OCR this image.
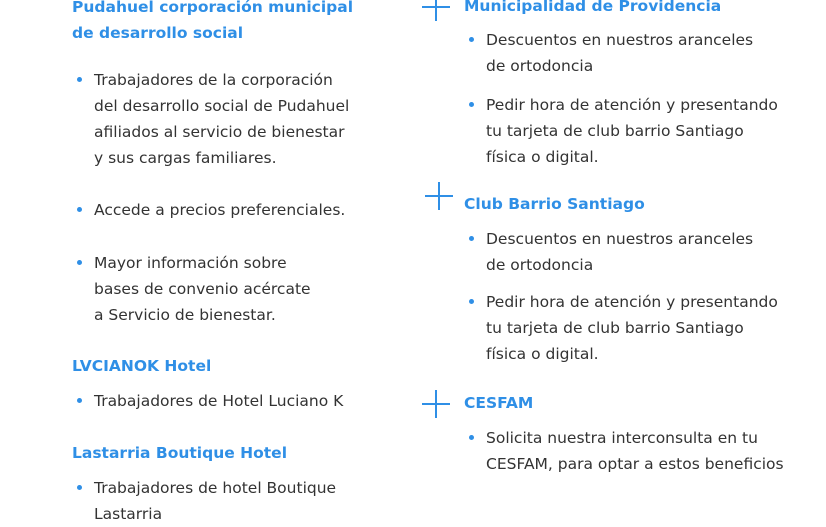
Pudahuel corporación municipal
de desarrollo social

Trabajadores de la corporación
del desarrollo social de Pudahuel
afiliados al servicio de bienestar
y sus cargas familiares.

Accede a precios preferenciales.

Mayor información sobre
bases de convenio acércate
a Servicio de bienestar.

LVCIANOK Hotel

Trabajadores de Hotel Luciano K

Lastarria Boutique Hotel

Trabajadores de hotel Boutique
Lastarria

Municipalidad de Providencia

Descuentos en nuestros aranceles
de ortodoncia

Pedir hora de atención y presentando
tu tarjeta de club barrio Santiago
física o digital.

Club Barrio Santiago

Descuentos en nuestros aranceles
de ortodoncia

Pedir hora de atención y presentando
tu tarjeta de club barrio Santiago
física o digital.

CESFAM

Solicita nuestra interconsulta en tu
CESFAM, para optar a estos beneficios
